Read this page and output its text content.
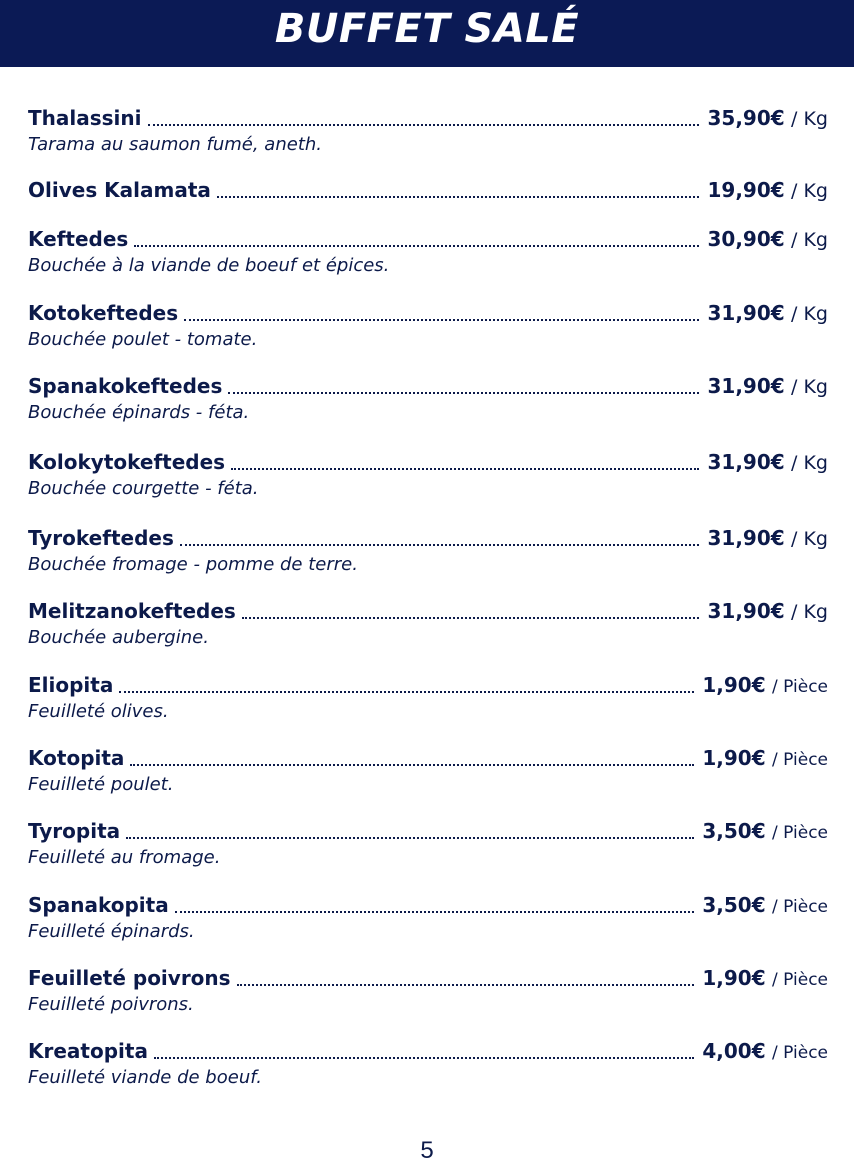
BUFFET SALÉ
Thalassini	35,90€ / Kg
Tarama au saumon fumé, aneth.
Olives Kalamata	19,90€ / Kg
Keftedes	30,90€ / Kg
Bouchée à la viande de boeuf et épices.
Kotokeftedes	31,90€ / Kg
Bouchée poulet - tomate.
Spanakokeftedes	31,90€ / Kg
Bouchée épinards - féta.
Kolokytokeftedes	31,90€ / Kg
Bouchée courgette - féta.
Tyrokeftedes	31,90€ / Kg
Bouchée fromage - pomme de terre.
Melitzanokeftedes	31,90€ / Kg
Bouchée aubergine.
Eliopita	1,90€ / Pièce
Feuilleté olives.
Kotopita	1,90€ / Pièce
Feuilleté poulet.
Tyropita	3,50€ / Pièce
Feuilleté au fromage.
Spanakopita	3,50€ / Pièce
Feuilleté épinards.
Feuilleté poivrons	1,90€ / Pièce
Feuilleté poivrons.
Kreatopita	4,00€ / Pièce
Feuilleté viande de boeuf.
5
